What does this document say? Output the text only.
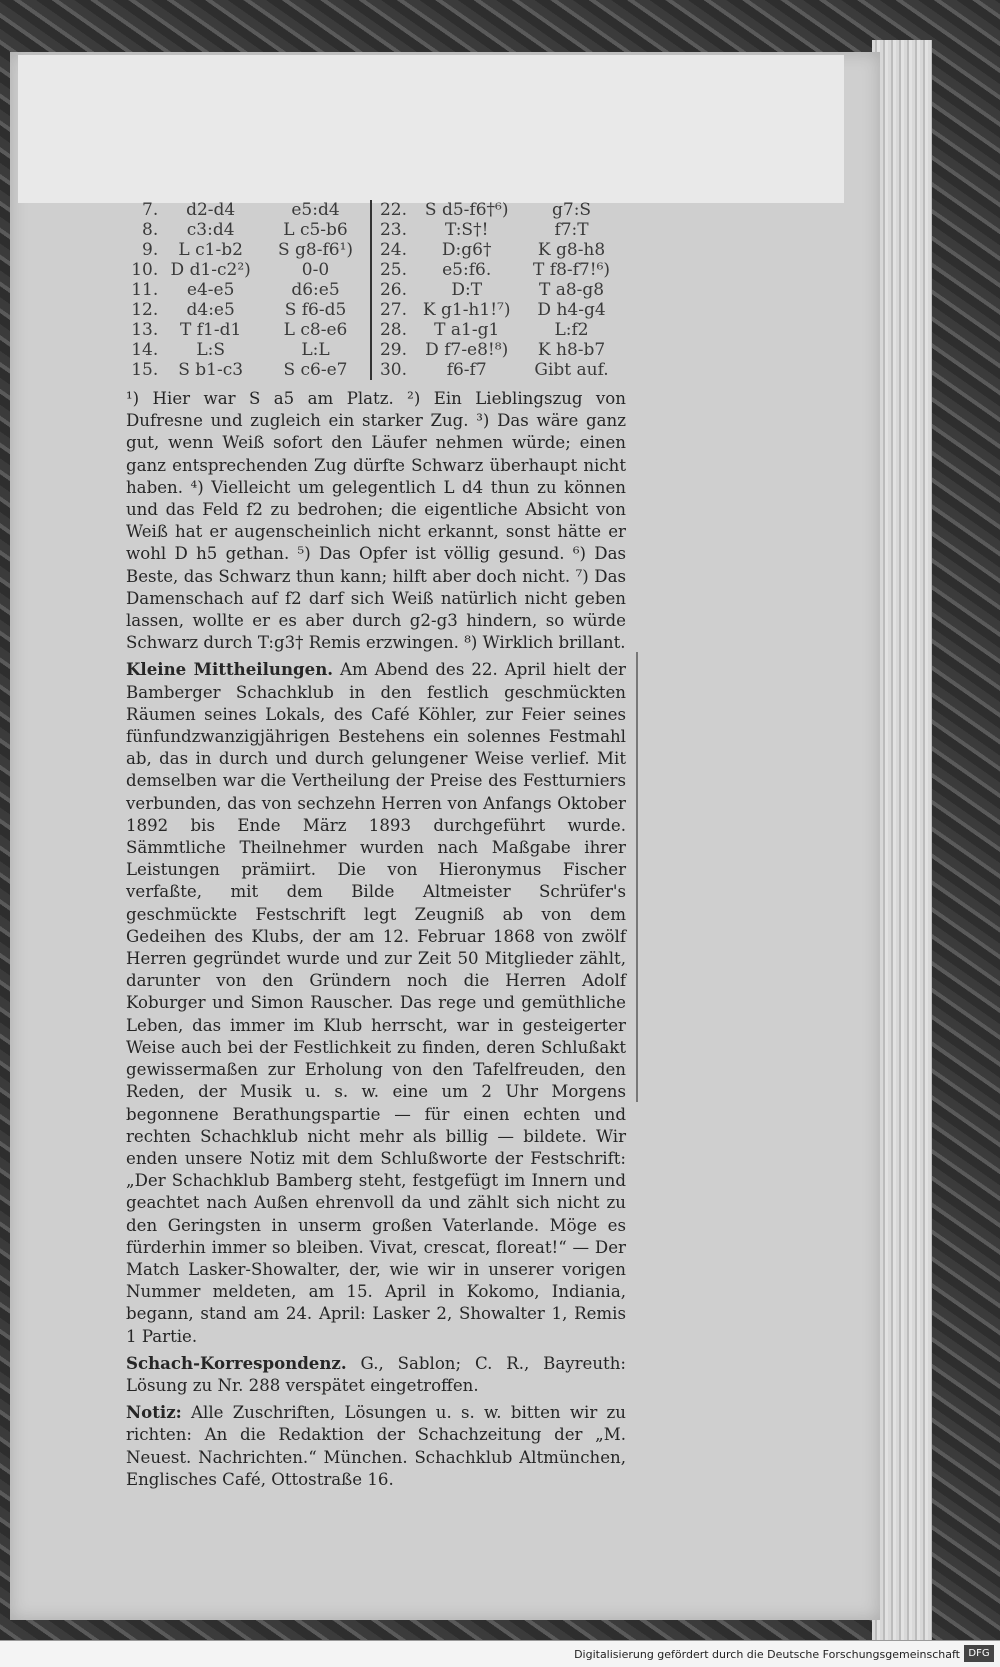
7.	d2-d4	e5:d4	22.	S d5-f6†⁶)	g7:S
8.	c3:d4	L c5-b6	23.	T:S†!	f7:T
9.	L c1-b2	S g8-f6¹)	24.	D:g6†	K g8-h8
10.	D d1-c2²)	0-0	25.	e5:f6.	T f8-f7!⁶)
11.	e4-e5	d6:e5	26.	D:T	T a8-g8
12.	d4:e5	S f6-d5	27.	K g1-h1!⁷)	D h4-g4
13.	T f1-d1	L c8-e6	28.	T a1-g1	L:f2
14.	L:S	L:L	29.	D f7-e8!⁸)	K h8-b7
15.	S b1-c3	S c6-e7	30.	f6-f7	Gibt auf.

¹) Hier war S a5 am Platz. ²) Ein Lieblingszug von Dufresne und zugleich ein starker Zug. ³) Das wäre ganz gut, wenn Weiß sofort den Läufer nehmen würde; einen ganz entsprechenden Zug dürfte Schwarz überhaupt nicht haben. ⁴) Vielleicht um gelegentlich L d4 thun zu können und das Feld f2 zu bedrohen; die eigentliche Absicht von Weiß hat er augenscheinlich nicht erkannt, sonst hätte er wohl D h5 gethan. ⁵) Das Opfer ist völlig gesund. ⁶) Das Beste, das Schwarz thun kann; hilft aber doch nicht. ⁷) Das Damenschach auf f2 darf sich Weiß natürlich nicht geben lassen, wollte er es aber durch g2-g3 hindern, so würde Schwarz durch T:g3† Remis erzwingen. ⁸) Wirklich brillant.

Kleine Mittheilungen. Am Abend des 22. April hielt der Bamberger Schachklub in den festlich geschmückten Räumen seines Lokals, des Café Köhler, zur Feier seines fünfundzwanzigjährigen Bestehens ein solennes Festmahl ab, das in durch und durch gelungener Weise verlief. Mit demselben war die Vertheilung der Preise des Festturniers verbunden, das von sechzehn Herren von Anfangs Oktober 1892 bis Ende März 1893 durchgeführt wurde. Sämmtliche Theilnehmer wurden nach Maßgabe ihrer Leistungen prämiirt. Die von Hieronymus Fischer verfaßte, mit dem Bilde Altmeister Schrüfer's geschmückte Festschrift legt Zeugniß ab von dem Gedeihen des Klubs, der am 12. Februar 1868 von zwölf Herren gegründet wurde und zur Zeit 50 Mitglieder zählt, darunter von den Gründern noch die Herren Adolf Koburger und Simon Rauscher. Das rege und gemüthliche Leben, das immer im Klub herrscht, war in gesteigerter Weise auch bei der Festlichkeit zu finden, deren Schlußakt gewissermaßen zur Erholung von den Tafelfreuden, den Reden, der Musik u. s. w. eine um 2 Uhr Morgens begonnene Berathungspartie — für einen echten und rechten Schachklub nicht mehr als billig — bildete. Wir enden unsere Notiz mit dem Schlußworte der Festschrift: „Der Schachklub Bamberg steht, festgefügt im Innern und geachtet nach Außen ehrenvoll da und zählt sich nicht zu den Geringsten in unserm großen Vaterlande. Möge es fürderhin immer so bleiben. Vivat, crescat, floreat!“ — Der Match Lasker-Showalter, der, wie wir in unserer vorigen Nummer meldeten, am 15. April in Kokomo, Indiania, begann, stand am 24. April: Lasker 2, Showalter 1, Remis 1 Partie.

Schach-Korrespondenz. G., Sablon; C. R., Bayreuth: Lösung zu Nr. 288 verspätet eingetroffen.

Notiz: Alle Zuschriften, Lösungen u. s. w. bitten wir zu richten: An die Redaktion der Schachzeitung der „M. Neuest. Nachrichten.“ München. Schachklub Altmünchen, Englisches Café, Ottostraße 16.

Digitalisierung gefördert durch die Deutsche Forschungsgemeinschaft DFG
